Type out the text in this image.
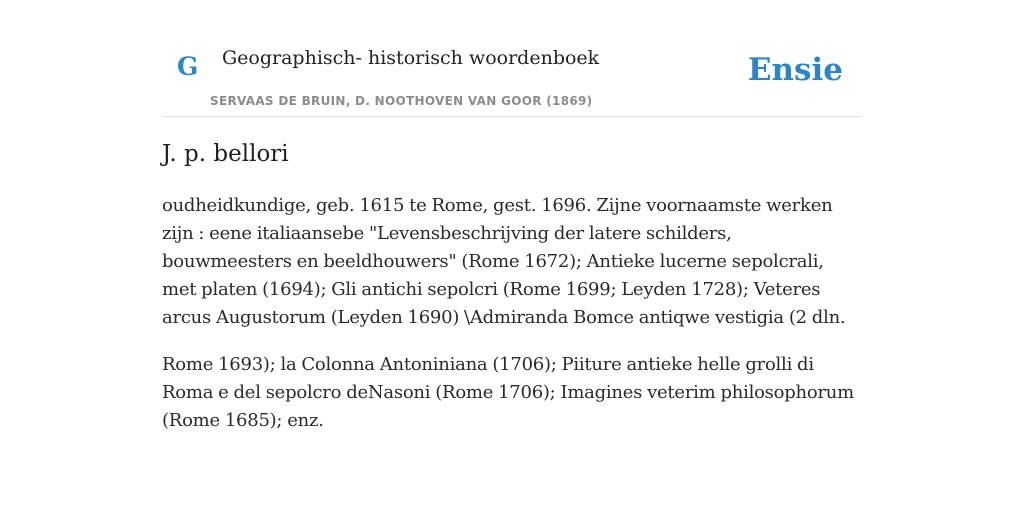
G Geographisch- historisch woordenboek
SERVAAS DE BRUIN, D. NOOTHOVEN VAN GOOR (1869)
Ensie
J. p. bellori

oudheidkundige, geb. 1615 te Rome, gest. 1696. Zijne voornaamste werken zijn : eene italiaansebe "Levensbeschrijving der latere schilders, bouwmeesters en beeldhouwers" (Rome 1672); Antieke lucerne sepolcrali, met platen (1694); Gli antichi sepolcri (Rome 1699; Leyden 1728); Veteres arcus Augustorum (Leyden 1690) \Admiranda Bomce antiqwe vestigia (2 dln.

Rome 1693); la Colonna Antoniniana (1706); Piiture antieke helle grolli di Roma e del sepolcro deNasoni (Rome 1706); Imagines veterim philosophorum (Rome 1685); enz.
